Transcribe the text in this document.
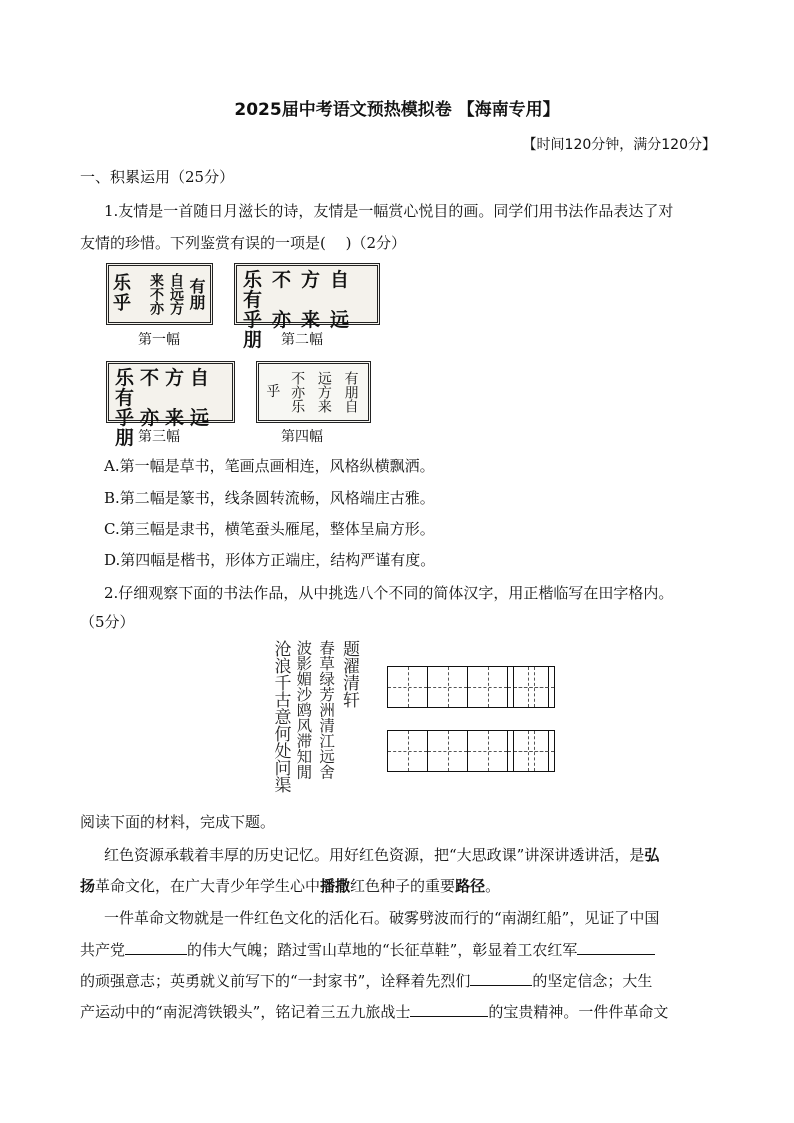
2025届中考语文预热模拟卷 【海南专用】
【时间120分钟，满分120分】
一、积累运用（25分）
1.友情是一首随日月滋长的诗，友情是一幅赏心悦目的画。同学们用书法作品表达了对
友情的珍惜。下列鉴赏有误的一项是(　 )（2分）
乐乎	来不亦 自远方 有朋
第一幅
乐不方自有
乎亦来远朋 第二幅
乐不方自有
乎亦来远朋
第三幅
乎 不亦乐 远方来 有朋自
第四幅
A.第一幅是草书，笔画点画相连，风格纵横飘洒。
B.第二幅是篆书，线条圆转流畅，风格端庄古雅。
C.第三幅是隶书，横笔蚕头雁尾，整体呈扁方形。
D.第四幅是楷书，形体方正端庄，结构严谨有度。
2.仔细观察下面的书法作品，从中挑选八个不同的简体汉字，用正楷临写在田字格内。
（5分）
题濯清轩
春草绿芳洲清江远舍
波影媚沙鸥风滞知閒
沧浪千古意何处问渠
阅读下面的材料，完成下题。
红色资源承载着丰厚的历史记忆。用好红色资源，把“大思政课”讲深讲透讲活，是弘
扬革命文化，在广大青少年学生心中播撒红色种子的重要路径。
一件革命文物就是一件红色文化的活化石。破雾劈波而行的“南湖红船”，见证了中国
共产党	的伟大气魄；踏过雪山草地的“长征草鞋”，彰显着工农红军
的顽强意志；英勇就义前写下的“一封家书”，诠释着先烈们	的坚定信念；大生
产运动中的“南泥湾铁锻头”，铭记着三五九旅战士	的宝贵精神。一件件革命文
